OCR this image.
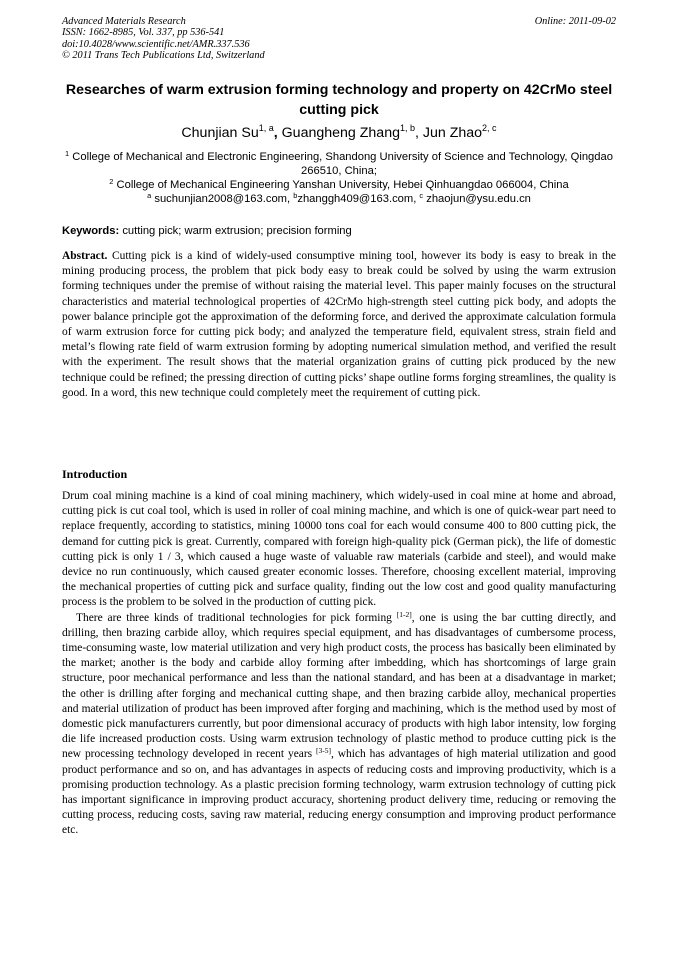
Advanced Materials Research
ISSN: 1662-8985, Vol. 337, pp 536-541
doi:10.4028/www.scientific.net/AMR.337.536
© 2011 Trans Tech Publications Ltd, Switzerland
Online: 2011-09-02
Researches of warm extrusion forming technology and property on 42CrMo steel cutting pick
Chunjian Su$^{1, a}$, Guangheng Zhang$^{1, b}$, Jun Zhao$^{2, c}$
$^1$ College of Mechanical and Electronic Engineering, Shandong University of Science and Technology, Qingdao 266510, China;
$^2$ College of Mechanical Engineering Yanshan University, Hebei Qinhuangdao 066004, China
$^a$ suchunjian2008@163.com, $^b$zhanggh409@163.com, $^c$ zhaojun@ysu.edu.cn
Keywords: cutting pick; warm extrusion; precision forming
Abstract. Cutting pick is a kind of widely-used consumptive mining tool, however its body is easy to break in the mining producing process, the problem that pick body easy to break could be solved by using the warm extrusion forming techniques under the premise of without raising the material level. This paper mainly focuses on the structural characteristics and material technological properties of 42CrMo high-strength steel cutting pick body, and adopts the power balance principle got the approximation of the deforming force, and derived the approximate calculation formula of warm extrusion force for cutting pick body; and analyzed the temperature field, equivalent stress, strain field and metal’s flowing rate field of warm extrusion forming by adopting numerical simulation method, and verified the result with the experiment. The result shows that the material organization grains of cutting pick produced by the new technique could be refined; the pressing direction of cutting picks’ shape outline forms forging streamlines, the quality is good. In a word, this new technique could completely meet the requirement of cutting pick.
Introduction

Drum coal mining machine is a kind of coal mining machinery, which widely-used in coal mine at home and abroad, cutting pick is cut coal tool, which is used in roller of coal mining machine, and which is one of quick-wear part need to replace frequently, according to statistics, mining 10000 tons coal for each would consume 400 to 800 cutting pick, the demand for cutting pick is great. Currently, compared with foreign high-quality pick (German pick), the life of domestic cutting pick is only 1 / 3, which caused a huge waste of valuable raw materials (carbide and steel), and would make device no run continuously, which caused greater economic losses. Therefore, choosing excellent material, improving the mechanical properties of cutting pick and surface quality, finding out the low cost and good quality manufacturing process is the problem to be solved in the production of cutting pick.

There are three kinds of traditional technologies for pick forming [1-2], one is using the bar cutting directly, and drilling, then brazing carbide alloy, which requires special equipment, and has disadvantages of cumbersome process, time-consuming waste, low material utilization and very high product costs, the process has basically been eliminated by the market; another is the body and carbide alloy forming after imbedding, which has shortcomings of large grain structure, poor mechanical performance and less than the national standard, and has been at a disadvantage in market; the other is drilling after forging and mechanical cutting shape, and then brazing carbide alloy, mechanical properties and material utilization of product has been improved after forging and machining, which is the method used by most of domestic pick manufacturers currently, but poor dimensional accuracy of products with high labor intensity, low forging die life increased production costs. Using warm extrusion technology of plastic method to produce cutting pick is the new processing technology developed in recent years [3-5], which has advantages of high material utilization and good product performance and so on, and has advantages in aspects of reducing costs and improving productivity, which is a promising production technology. As a plastic precision forming technology, warm extrusion technology of cutting pick has important significance in improving product accuracy, shortening product delivery time, reducing or removing the cutting process, reducing costs, saving raw material, reducing energy consumption and improving product performance etc.
